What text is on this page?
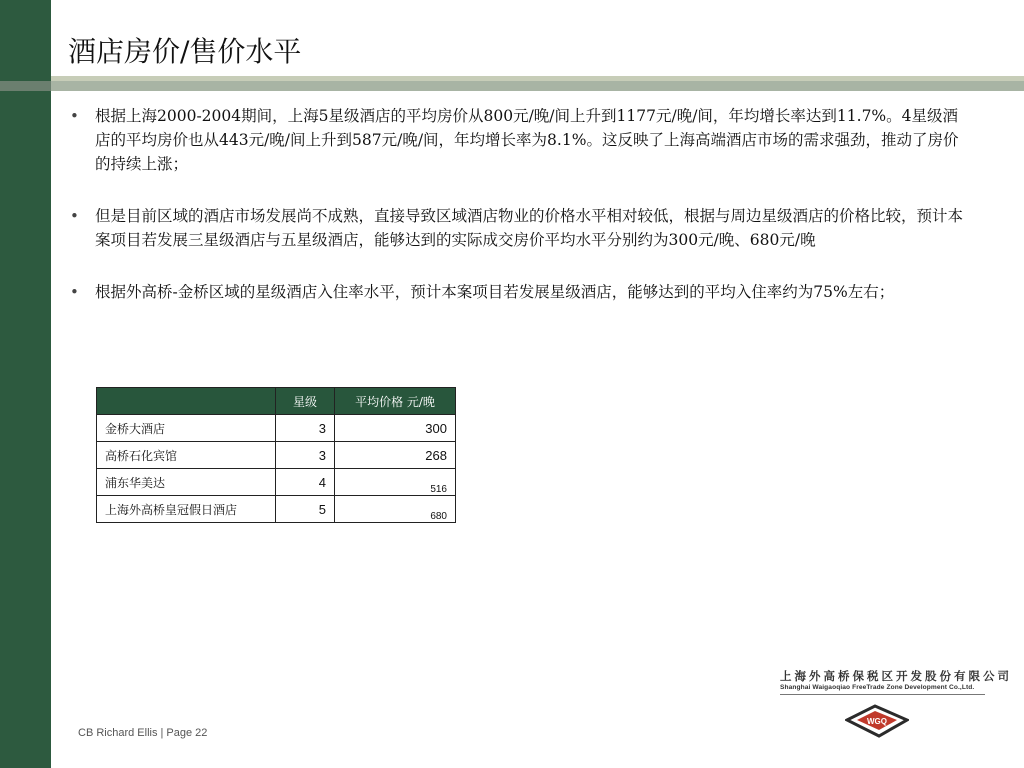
酒店房价/售价水平
• 根据上海2000-2004期间，上海5星级酒店的平均房价从800元/晚/间上升到1177元/晚/间，年均增长率达到11.7%。4星级酒店的平均房价也从443元/晚/间上升到587元/晚/间，年均增长率为8.1%。这反映了上海高端酒店市场的需求强劲，推动了房价的持续上涨；
• 但是目前区域的酒店市场发展尚不成熟，直接导致区域酒店物业的价格水平相对较低，根据与周边星级酒店的价格比较，预计本案项目若发展三星级酒店与五星级酒店，能够达到的实际成交房价平均水平分别约为300元/晚、680元/晚
• 根据外高桥-金桥区域的星级酒店入住率水平，预计本案项目若发展星级酒店，能够达到的平均入住率约为75%左右；
	星级	平均价格 元/晚
金桥大酒店	3	300
高桥石化宾馆	3	268
浦东华美达	4	516
上海外高桥皇冠假日酒店	5	680
CB Richard Ellis | Page 22
上海外高桥保税区开发股份有限公司
Shanghai Waigaoqiao FreeTrade Zone Development Co.,Ltd.
WGQ
